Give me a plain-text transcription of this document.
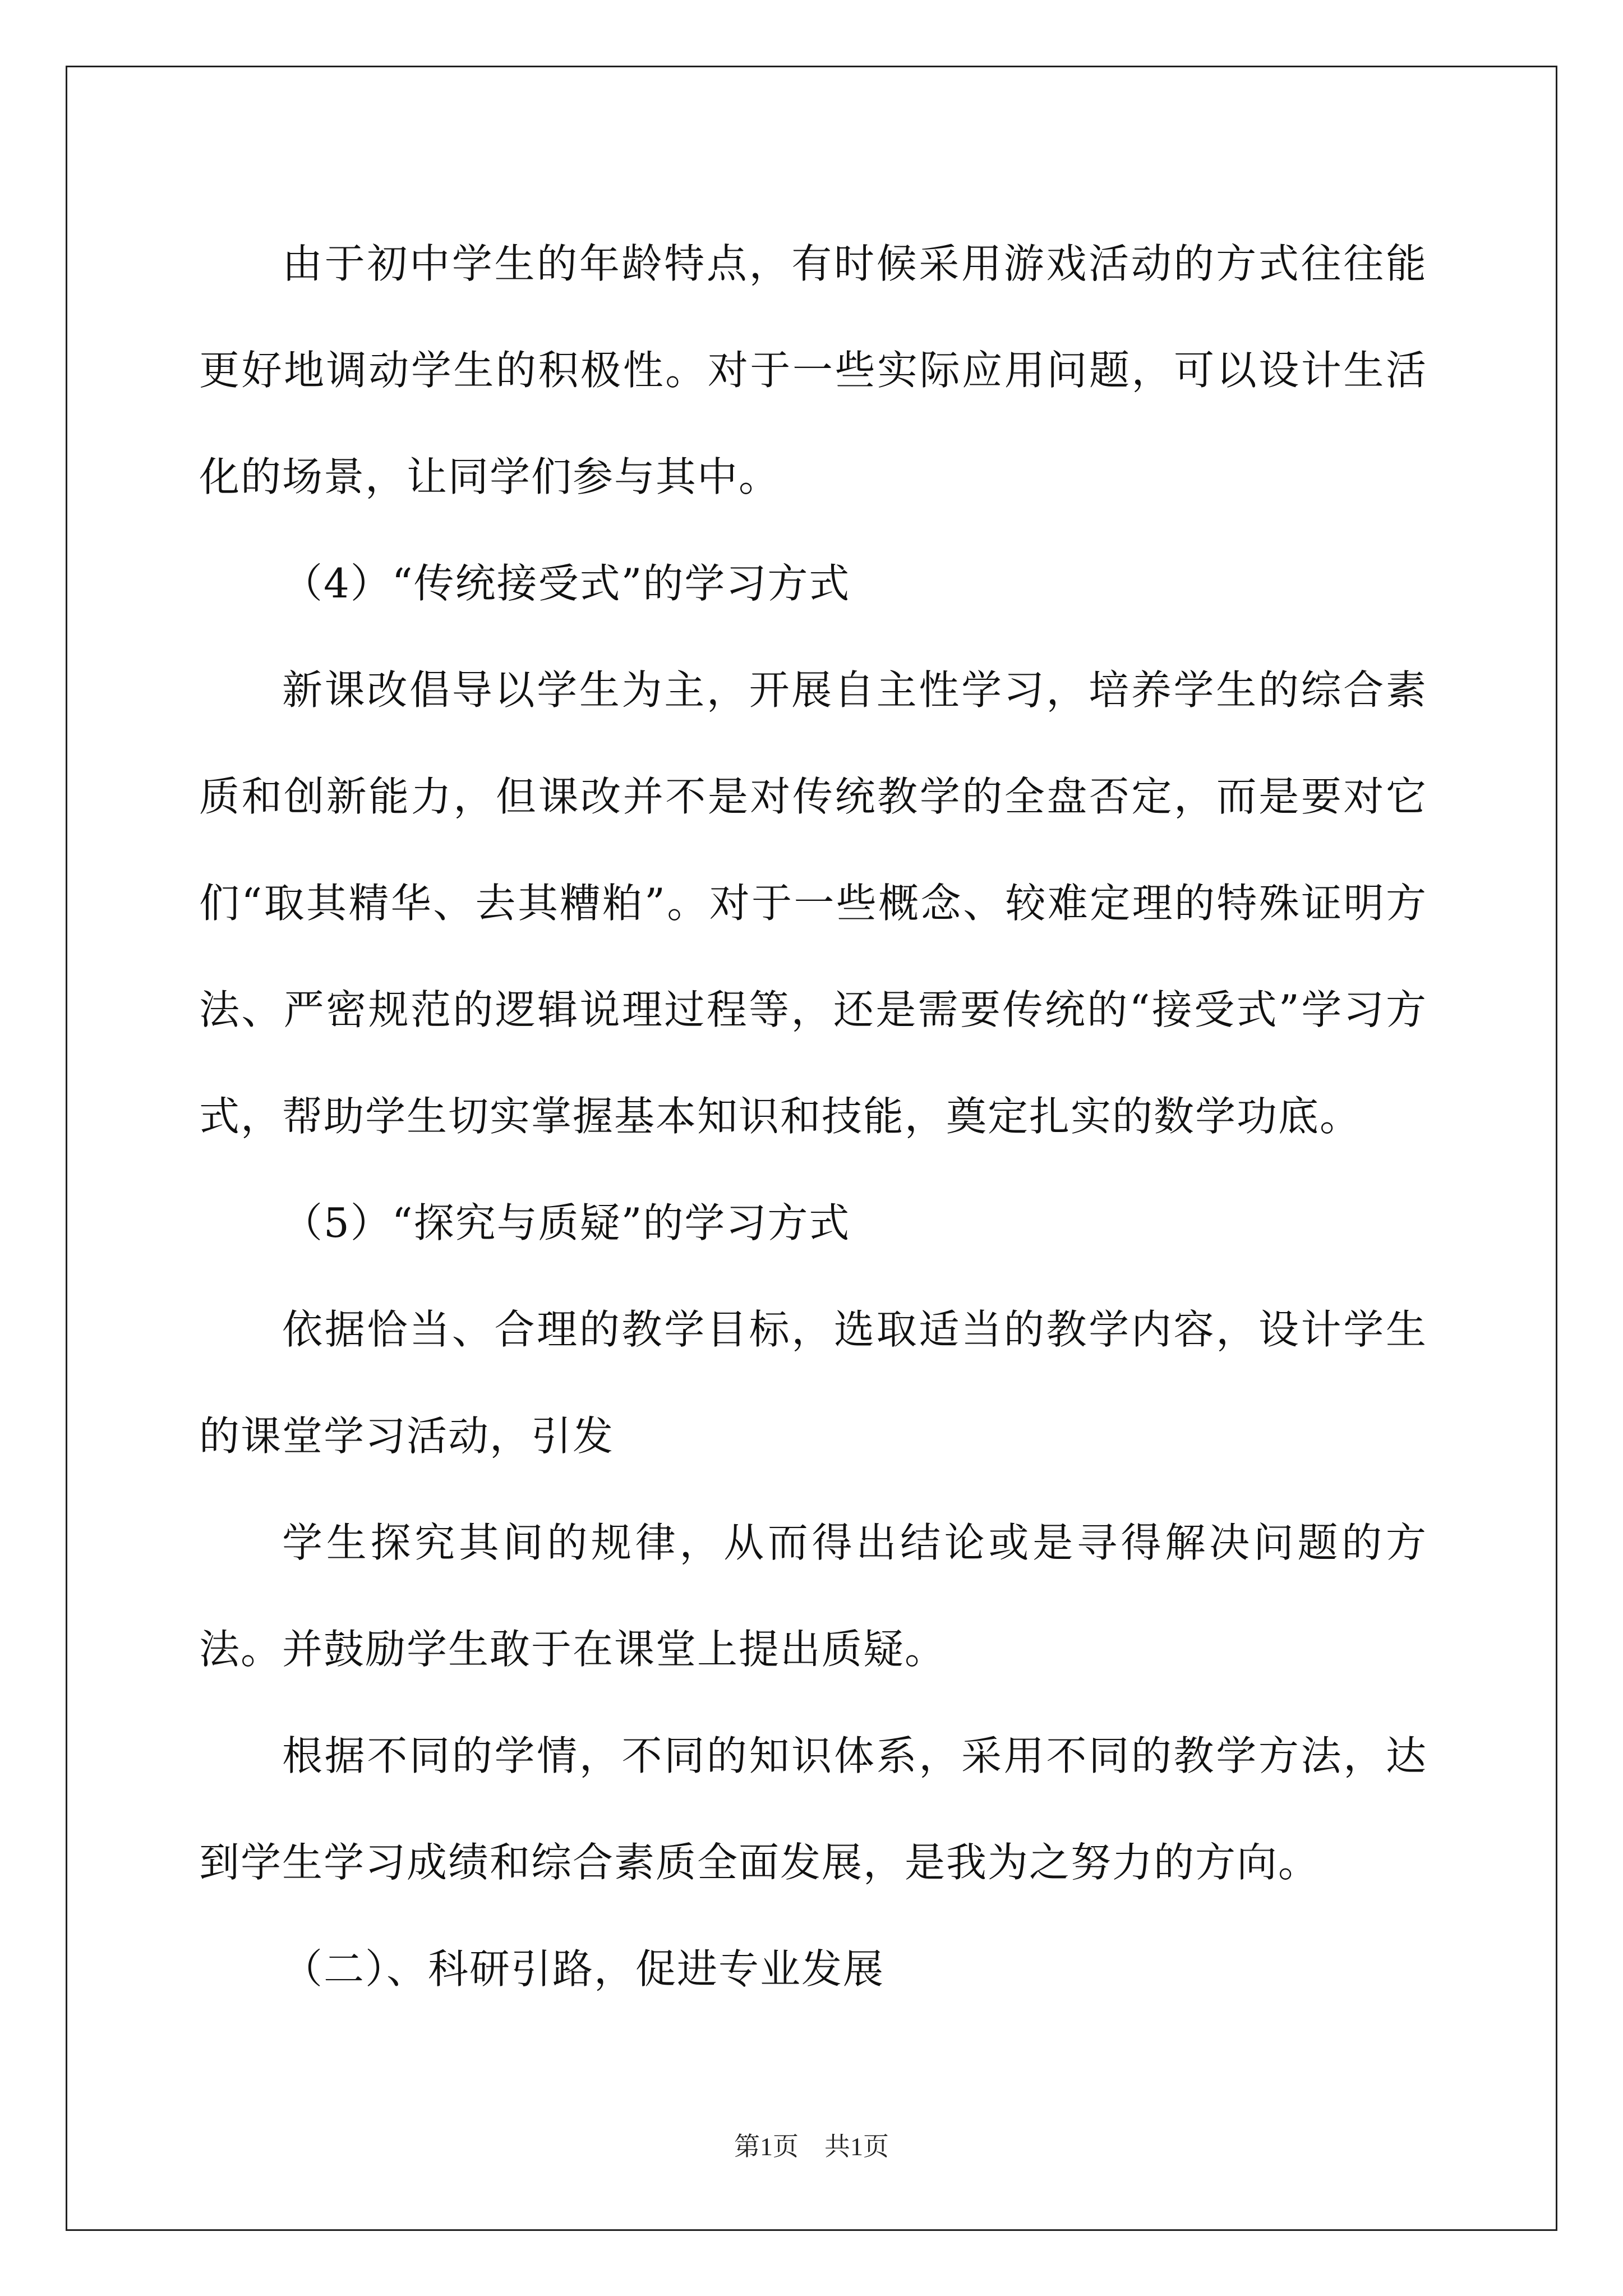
由于初中学生的年龄特点，有时候采用游戏活动的方式往往能更好地调动学生的积极性。对于一些实际应用问题，可以设计生活化的场景，让同学们参与其中。

（4）“传统接受式”的学习方式

新课改倡导以学生为主，开展自主性学习，培养学生的综合素质和创新能力，但课改并不是对传统教学的全盘否定，而是要对它们“取其精华、去其糟粕”。对于一些概念、较难定理的特殊证明方法、严密规范的逻辑说理过程等，还是需要传统的“接受式”学习方式，帮助学生切实掌握基本知识和技能，奠定扎实的数学功底。

（5）“探究与质疑”的学习方式

依据恰当、合理的教学目标，选取适当的教学内容，设计学生的课堂学习活动，引发

学生探究其间的规律，从而得出结论或是寻得解决问题的方法。并鼓励学生敢于在课堂上提出质疑。

根据不同的学情，不同的知识体系，采用不同的教学方法，达到学生学习成绩和综合素质全面发展，是我为之努力的方向。

（二）、科研引路，促进专业发展

第1页　共1页
